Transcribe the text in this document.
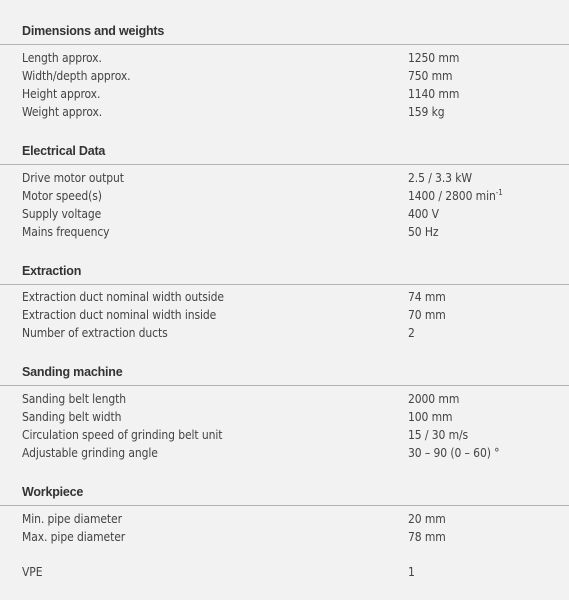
Dimensions and weights
Length approx.	1250 mm
Width/depth approx.	750 mm
Height approx.	1140 mm
Weight approx.	159 kg
Electrical Data
Drive motor output	2.5 / 3.3 kW
Motor speed(s)	1400 / 2800 $\min^{-1}$
Supply voltage	400 V
Mains frequency	50 Hz
Extraction
Extraction duct nominal width outside	74 mm
Extraction duct nominal width inside	70 mm
Number of extraction ducts	2
Sanding machine
Sanding belt length	2000 mm
Sanding belt width	100 mm
Circulation speed of grinding belt unit	15 / 30 m/s
Adjustable grinding angle	30 – 90 (0 – 60) °
Workpiece
Min. pipe diameter	20 mm
Max. pipe diameter	78 mm
VPE	1
